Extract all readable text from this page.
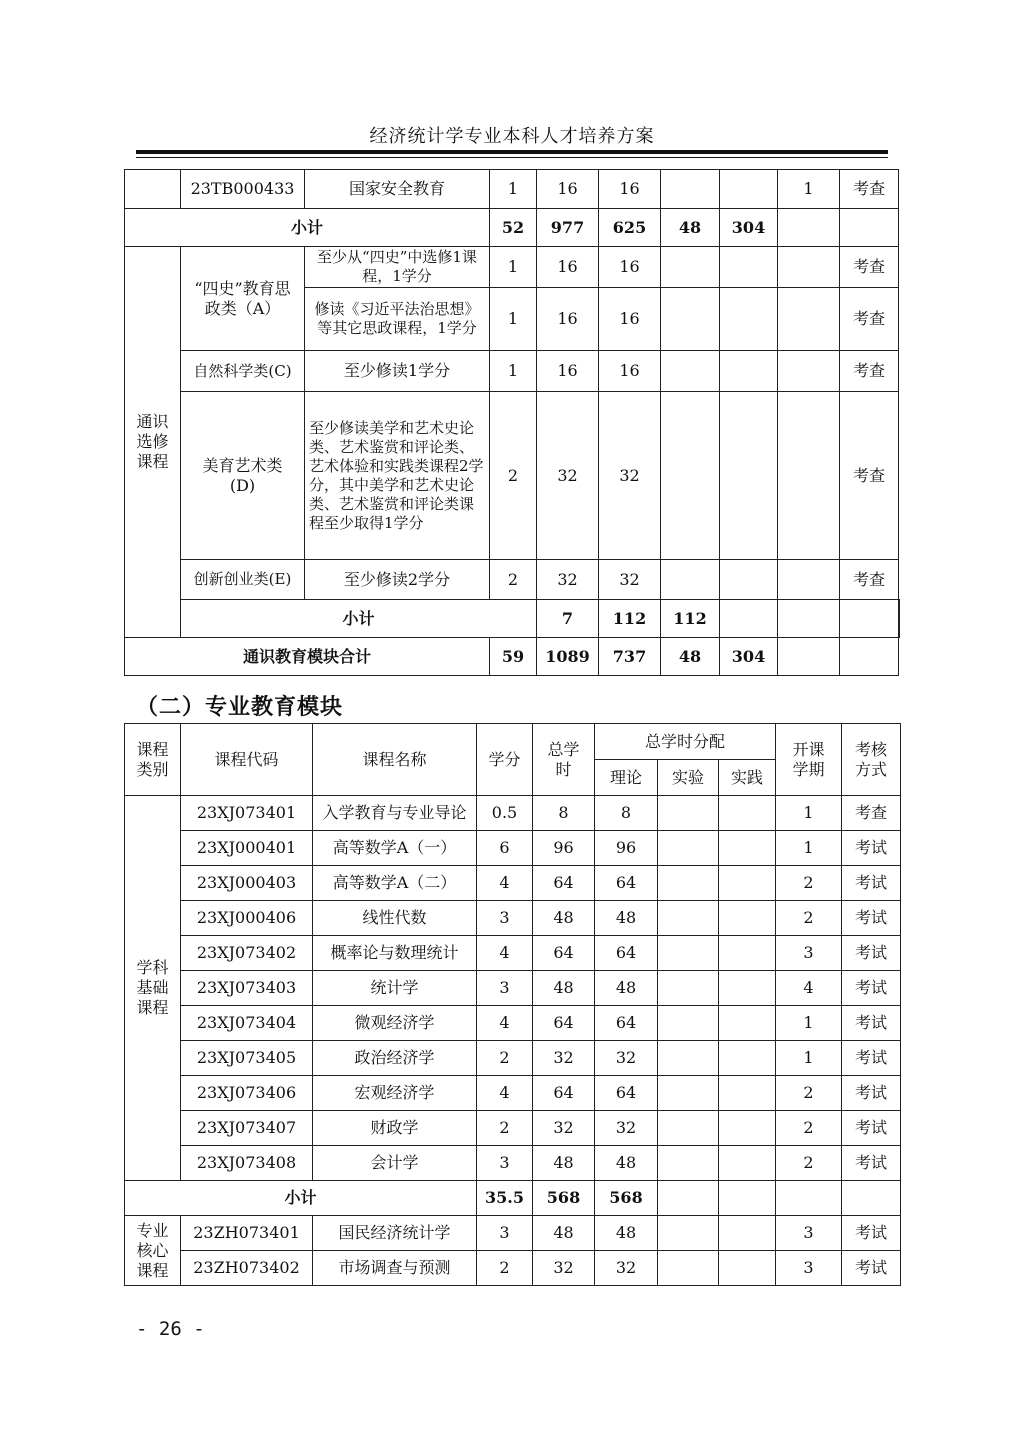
经济统计学专业本科人才培养方案
	23TB000433	国家安全教育	1	16	16			1	考查	
小计			52	977	625	48	304			
通识选修课程	“四史”教育思政类（A）	至少从“四史”中选修1课程，1学分	1	16	16				考查	
		修读《习近平法治思想》等其它思政课程，1学分	1	16	16				考查	
	自然科学类(C)	至少修读1学分	1	16	16				考查	
	美育艺术类(D)	至少修读美学和艺术史论类、艺术鉴赏和评论类、艺术体验和实践类课程2学分，其中美学和艺术史论类、艺术鉴赏和评论类课程至少取得1学分	2	32	32				考查	
	创新创业类(E)	至少修读2学分	2	32	32				考查	
	小计			7	112	112				
通识教育模块合计			59	1089	737	48	304			
（二）专业教育模块
课程类别	课程代码	课程名称	学分	总学时	总学时分配			开课学期	考核方式
					理论	实验	实践		
学科基础课程	23XJ073401	入学教育与专业导论	0.5	8	8			1	考查
	23XJ000401	高等数学A（一）	6	96	96			1	考试
	23XJ000403	高等数学A（二）	4	64	64			2	考试
	23XJ000406	线性代数	3	48	48			2	考试
	23XJ073402	概率论与数理统计	4	64	64			3	考试
	23XJ073403	统计学	3	48	48			4	考试
	23XJ073404	微观经济学	4	64	64			1	考试
	23XJ073405	政治经济学	2	32	32			1	考试
	23XJ073406	宏观经济学	4	64	64			2	考试
	23XJ073407	财政学	2	32	32			2	考试
	23XJ073408	会计学	3	48	48			2	考试
小计			35.5	568	568				
专业核心课程	23ZH073401	国民经济统计学	3	48	48			3	考试
	23ZH073402	市场调查与预测	2	32	32			3	考试
- 26 -
